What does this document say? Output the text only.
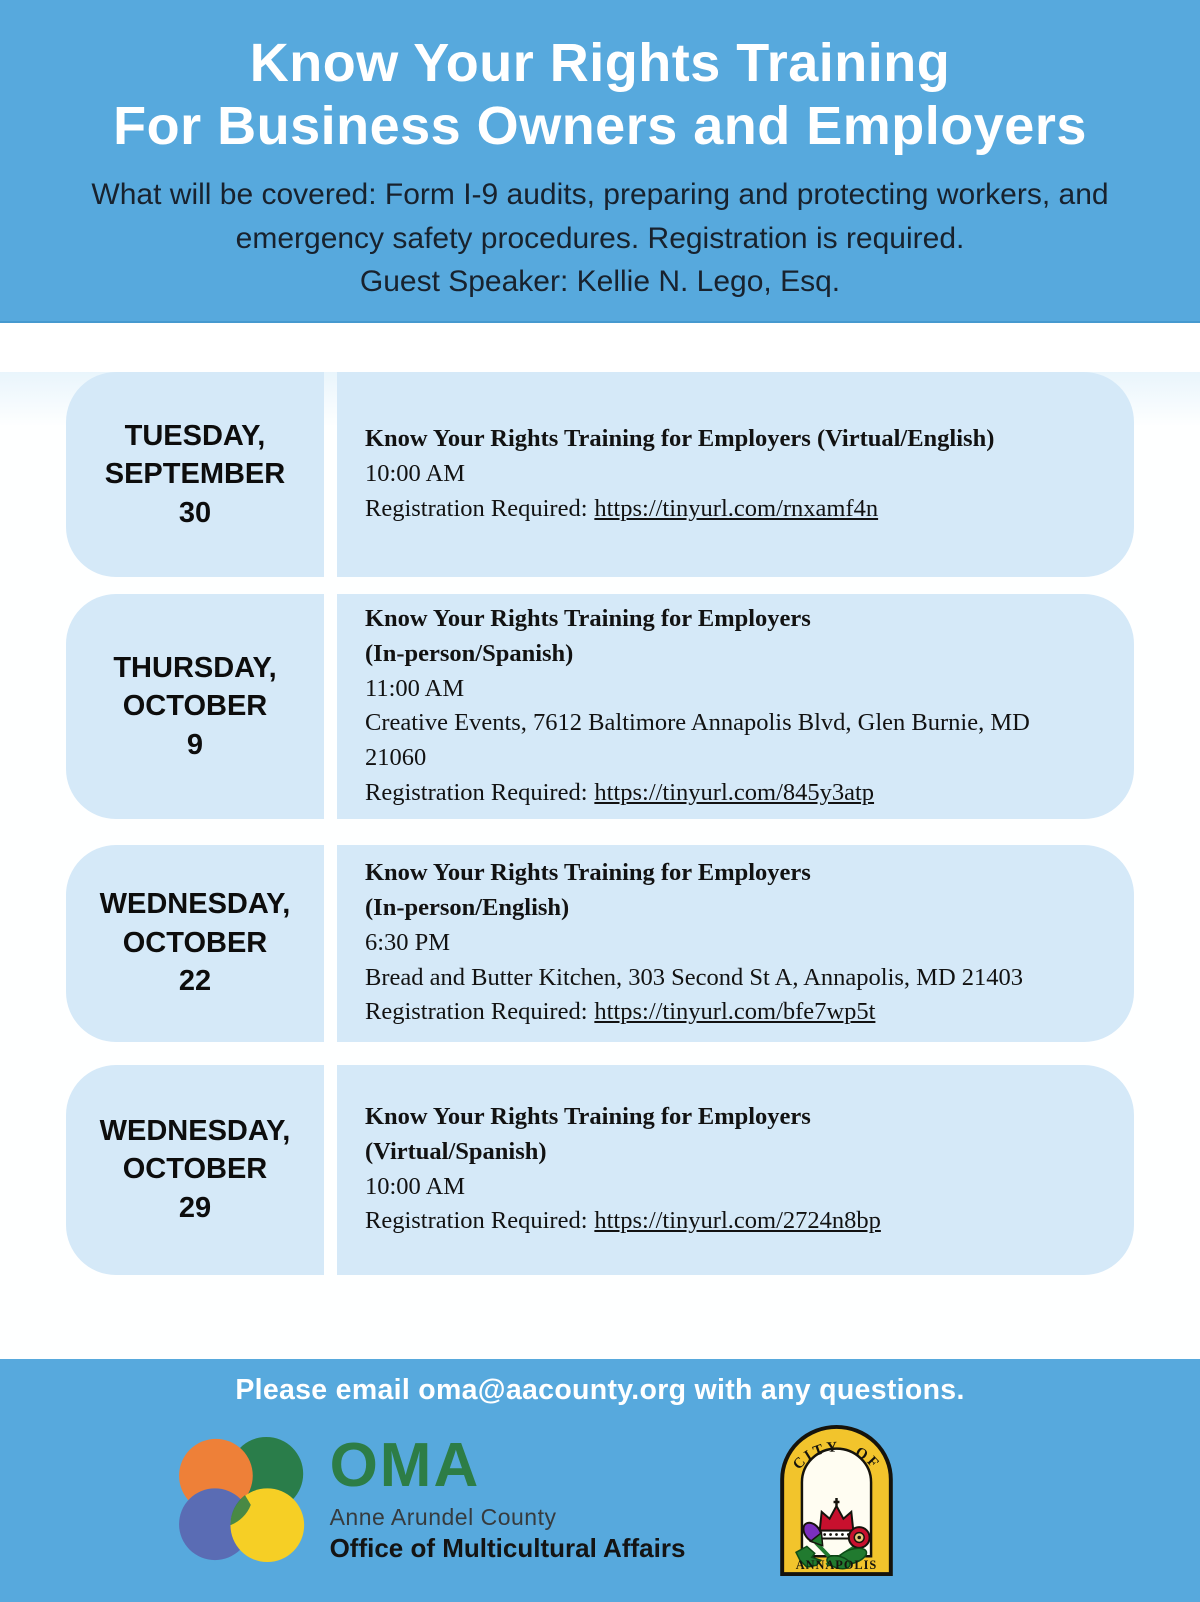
Know Your Rights Training
For Business Owners and Employers

What will be covered: Form I-9 audits, preparing and protecting workers, and emergency safety procedures. Registration is required.

Guest Speaker: Kellie N. Lego, Esq.

TUESDAY,
SEPTEMBER
30
Know Your Rights Training for Employers (Virtual/English)
10:00 AM
Registration Required: https://tinyurl.com/rnxamf4n
THURSDAY,
OCTOBER
9
Know Your Rights Training for Employers
(In-person/Spanish)
11:00 AM
Creative Events, 7612 Baltimore Annapolis Blvd, Glen Burnie, MD
21060
Registration Required: https://tinyurl.com/845y3atp
WEDNESDAY,
OCTOBER
22
Know Your Rights Training for Employers
(In-person/English)
6:30 PM
Bread and Butter Kitchen, 303 Second St A, Annapolis, MD 21403
Registration Required: https://tinyurl.com/bfe7wp5t
WEDNESDAY,
OCTOBER
29
Know Your Rights Training for Employers
(Virtual/Spanish)
10:00 AM
Registration Required: https://tinyurl.com/2724n8bp

Please email oma@aacounty.org with any questions.

OMA
Anne Arundel County
Office of Multicultural Affairs
CITY OF
ANNAPOLIS
